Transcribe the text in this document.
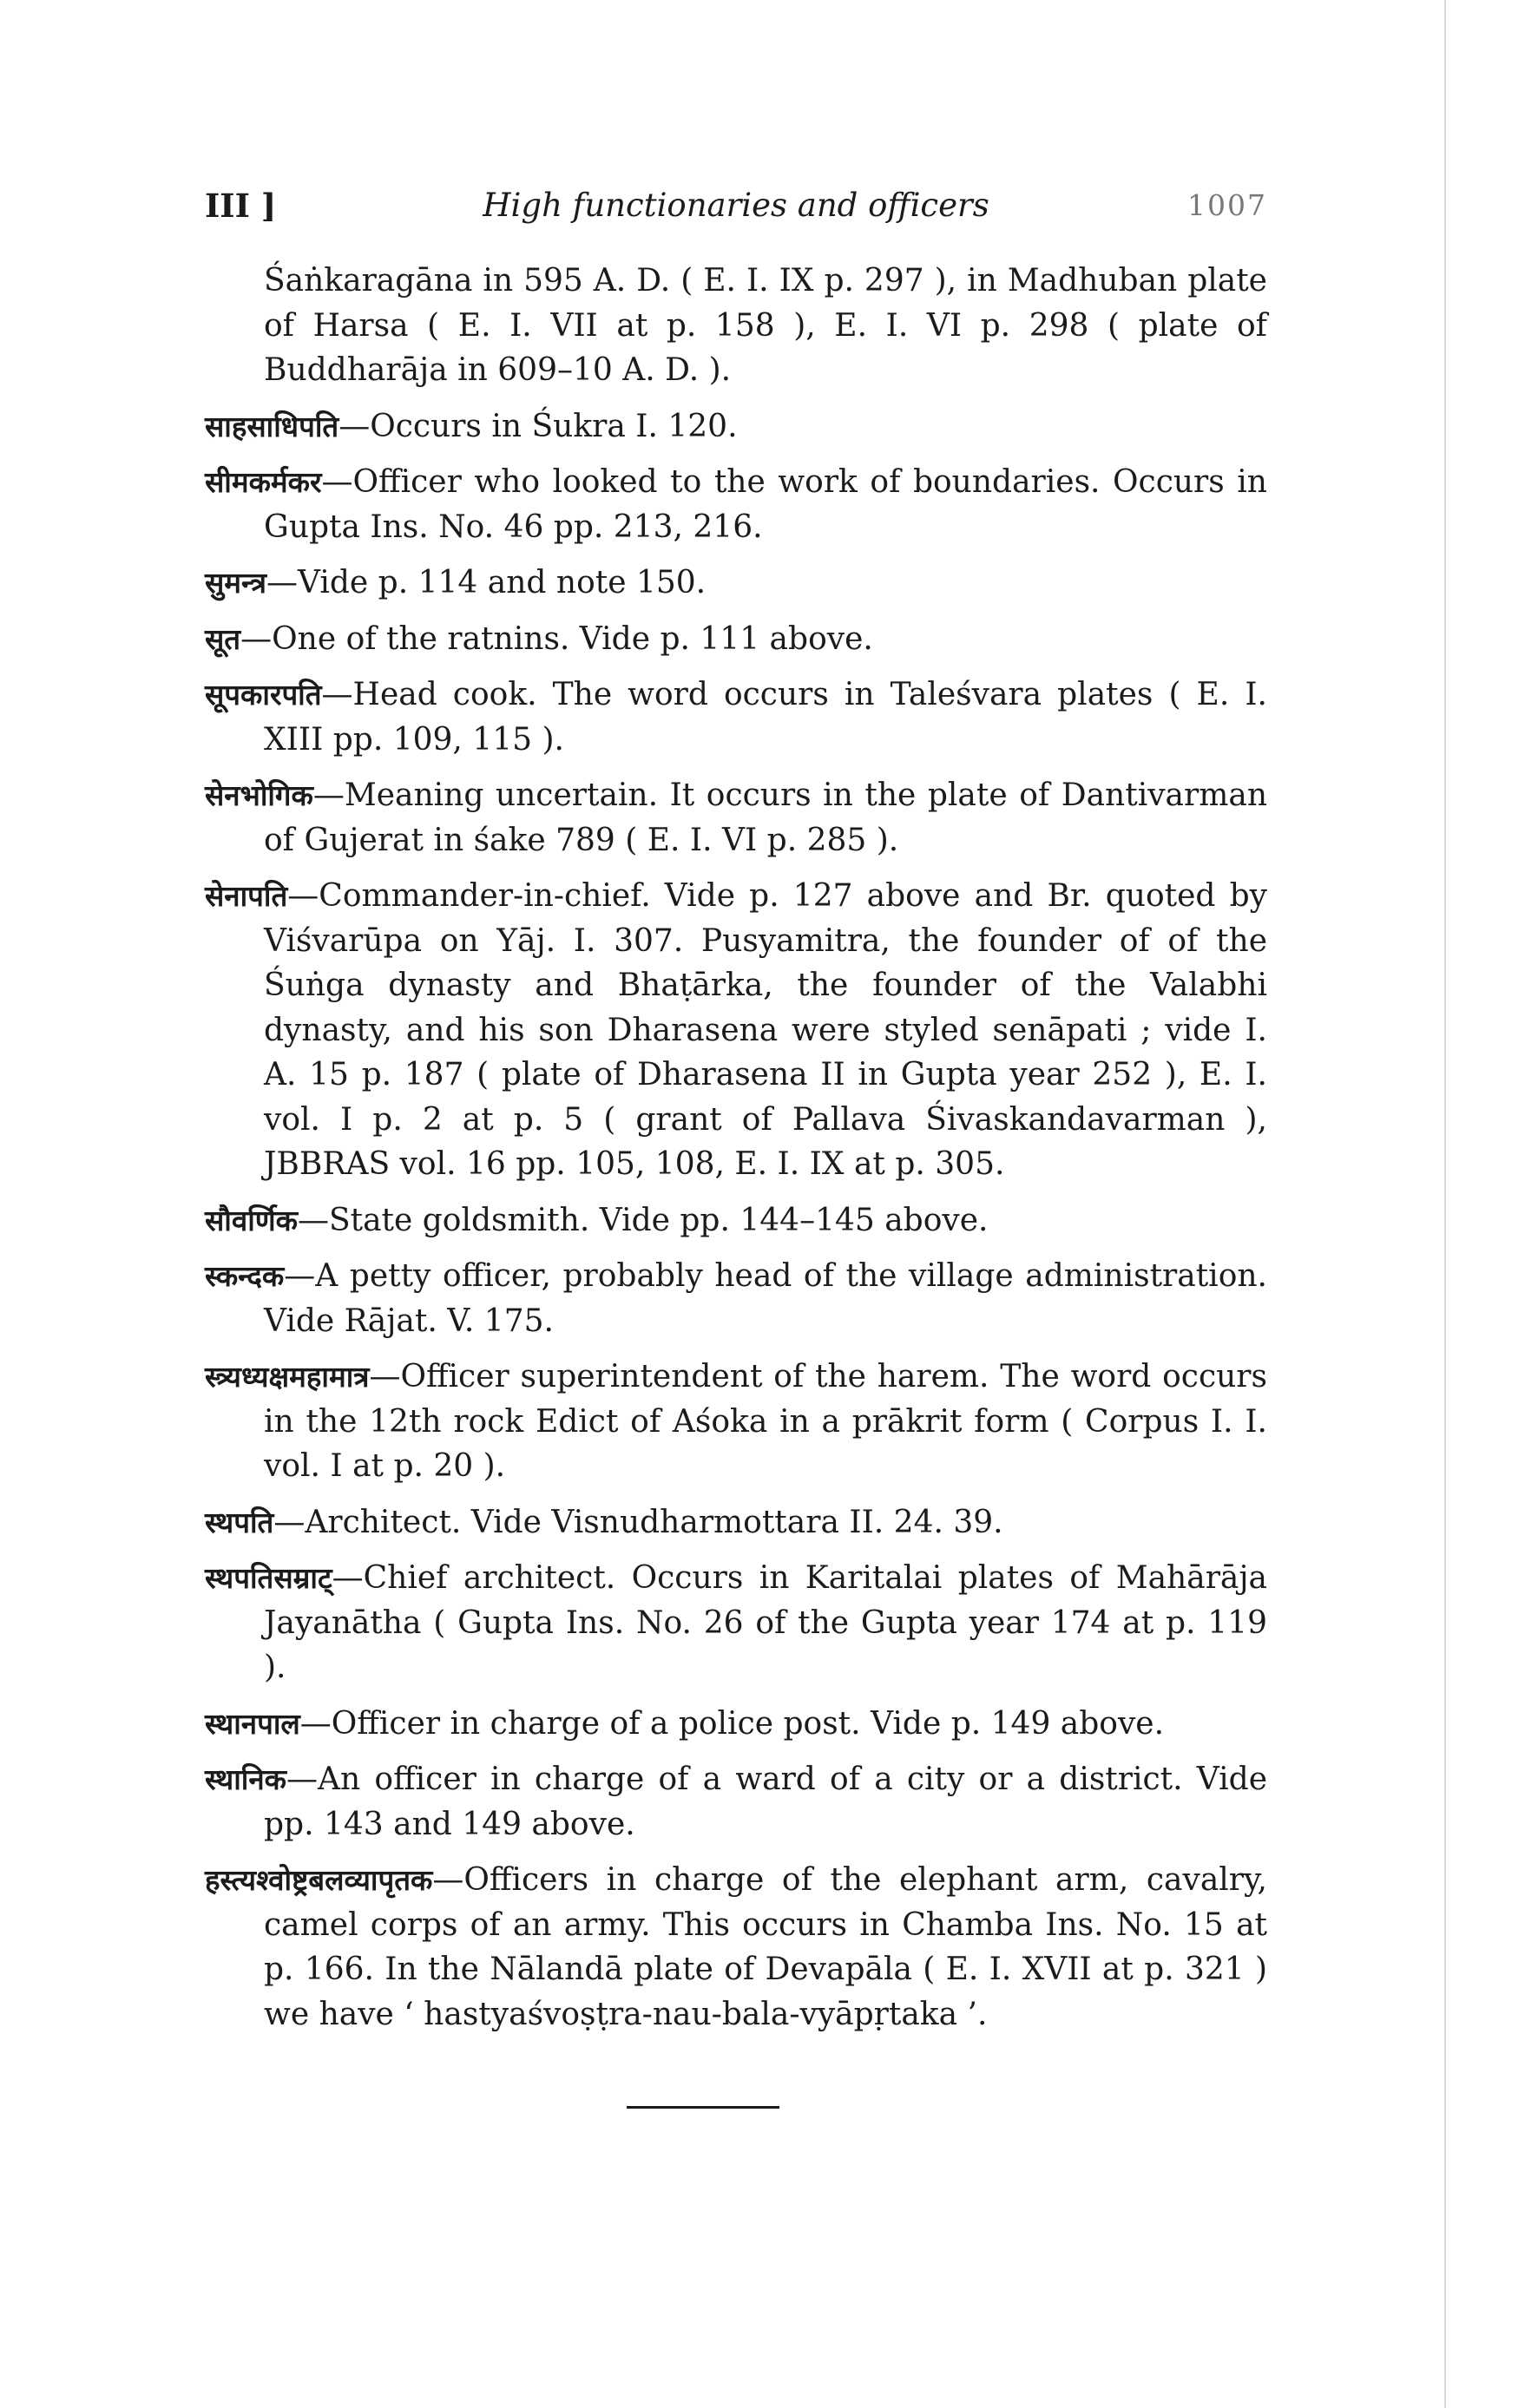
III ]	High functionaries and officers	1007

Śaṅkaragāna in 595 A. D. ( E. I. IX p. 297 ), in Madhuban plate of Harsa ( E. I. VII at p. 158 ), E. I. VI p. 298 ( plate of Buddharāja in 609–10 A. D. ).

साहसाधिपति—Occurs in Śukra I. 120.

सीमकर्मकर—Officer who looked to the work of boundaries. Occurs in Gupta Ins. No. 46 pp. 213, 216.

सुमन्त्र—Vide p. 114 and note 150.

सूत—One of the ratnins. Vide p. 111 above.

सूपकारपति—Head cook. The word occurs in Taleśvara plates ( E. I. XIII pp. 109, 115 ).

सेनभोगिक—Meaning uncertain. It occurs in the plate of Dantivarman of Gujerat in śake 789 ( E. I. VI p. 285 ).

सेनापति—Commander-in-chief. Vide p. 127 above and Br. quoted by Viśvarūpa on Yāj. I. 307. Pusyamitra, the founder of of the Śuṅga dynasty and Bhaṭārka, the founder of the Valabhi dynasty, and his son Dharasena were styled senāpati ; vide I. A. 15 p. 187 ( plate of Dharasena II in Gupta year 252 ), E. I. vol. I p. 2 at p. 5 ( grant of Pallava Śivaskandavarman ), JBBRAS vol. 16 pp. 105, 108, E. I. IX at p. 305.

सौवर्णिक—State goldsmith. Vide pp. 144–145 above.

स्कन्दक—A petty officer, probably head of the village administration. Vide Rājat. V. 175.

स्त्र्यध्यक्षमहामात्र—Officer superintendent of the harem. The word occurs in the 12th rock Edict of Aśoka in a prākrit form ( Corpus I. I. vol. I at p. 20 ).

स्थपति—Architect. Vide Visnudharmottara II. 24. 39.

स्थपतिसम्राट्—Chief architect. Occurs in Karitalai plates of Mahārāja Jayanātha ( Gupta Ins. No. 26 of the Gupta year 174 at p. 119 ).

स्थानपाल—Officer in charge of a police post. Vide p. 149 above.

स्थानिक—An officer in charge of a ward of a city or a district. Vide pp. 143 and 149 above.

हस्त्यश्वोष्ट्रबलव्यापृतक—Officers in charge of the elephant arm, cavalry, camel corps of an army. This occurs in Chamba Ins. No. 15 at p. 166. In the Nālandā plate of Devapāla ( E. I. XVII at p. 321 ) we have ‘ hastyaśvoṣṭra-nau-bala-vyāpṛtaka ’.
